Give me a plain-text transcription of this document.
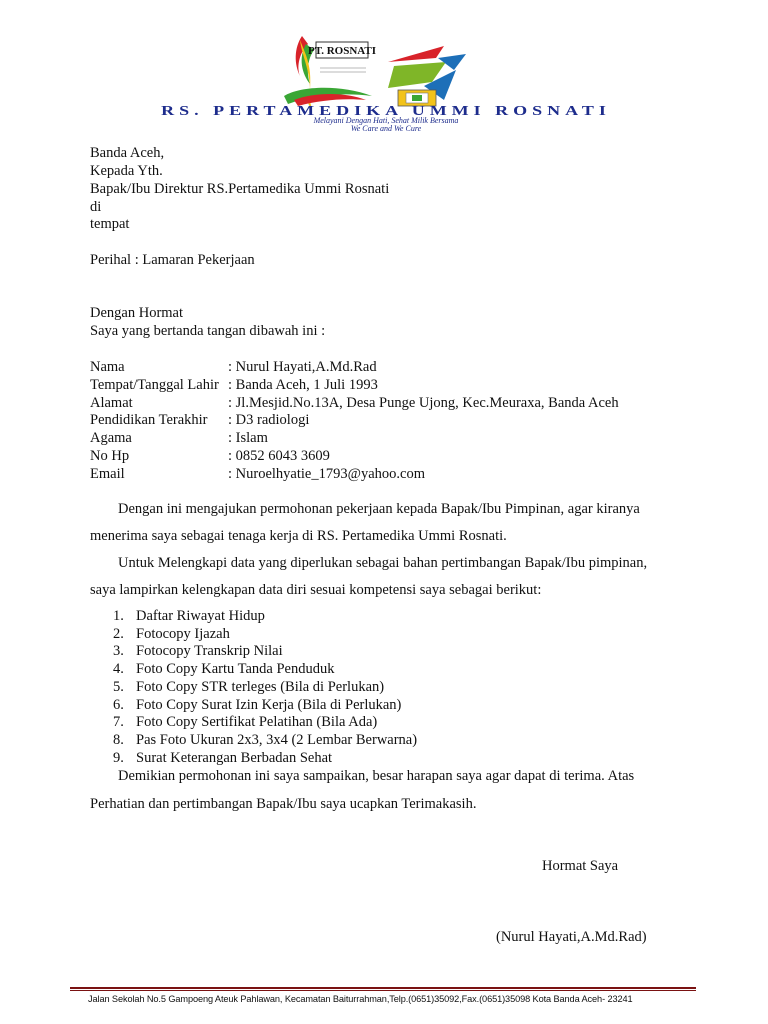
PT. ROSNATI
RS. PERTAMEDIKA UMMI ROSNATI
Melayani Dengan Hati, Sehat Milik Bersama
We Care and We Cure
Banda Aceh,
Kepada Yth.
Bapak/Ibu Direktur RS.Pertamedika Ummi Rosnati
di
tempat
Perihal : Lamaran Pekerjaan
Dengan Hormat
Saya yang bertanda tangan dibawah ini :
Nama	: Nurul Hayati,A.Md.Rad
Tempat/Tanggal Lahir : Banda Aceh, 1 Juli 1993
Alamat	: Jl.Mesjid.No.13A, Desa Punge Ujong, Kec.Meuraxa, Banda Aceh
Pendidikan Terakhir : D3 radiologi
Agama	: Islam
No Hp	: 0852 6043 3609
Email	: Nuroelhyatie_1793@yahoo.com
Dengan ini mengajukan permohonan pekerjaan kepada Bapak/Ibu Pimpinan, agar kiranya
menerima saya sebagai tenaga kerja di RS. Pertamedika Ummi Rosnati.
Untuk Melengkapi data yang diperlukan sebagai bahan pertimbangan Bapak/Ibu pimpinan,
saya lampirkan kelengkapan data diri sesuai kompetensi saya sebagai berikut:
1. Daftar Riwayat Hidup
2. Fotocopy Ijazah
3. Fotocopy Transkrip Nilai
4. Foto Copy Kartu Tanda Penduduk
5. Foto Copy STR terleges (Bila di Perlukan)
6. Foto Copy Surat Izin Kerja (Bila di Perlukan)
7. Foto Copy Sertifikat Pelatihan (Bila Ada)
8. Pas Foto Ukuran 2x3, 3x4 (2 Lembar Berwarna)
9. Surat Keterangan Berbadan Sehat
Demikian permohonan ini saya sampaikan, besar harapan saya agar dapat di terima. Atas
Perhatian dan pertimbangan Bapak/Ibu saya ucapkan Terimakasih.
Hormat Saya
(Nurul Hayati,A.Md.Rad)
Jalan Sekolah No.5 Gampoeng Ateuk Pahlawan, Kecamatan Baiturrahman,Telp.(0651)35092,Fax.(0651)35098 Kota Banda Aceh- 23241
